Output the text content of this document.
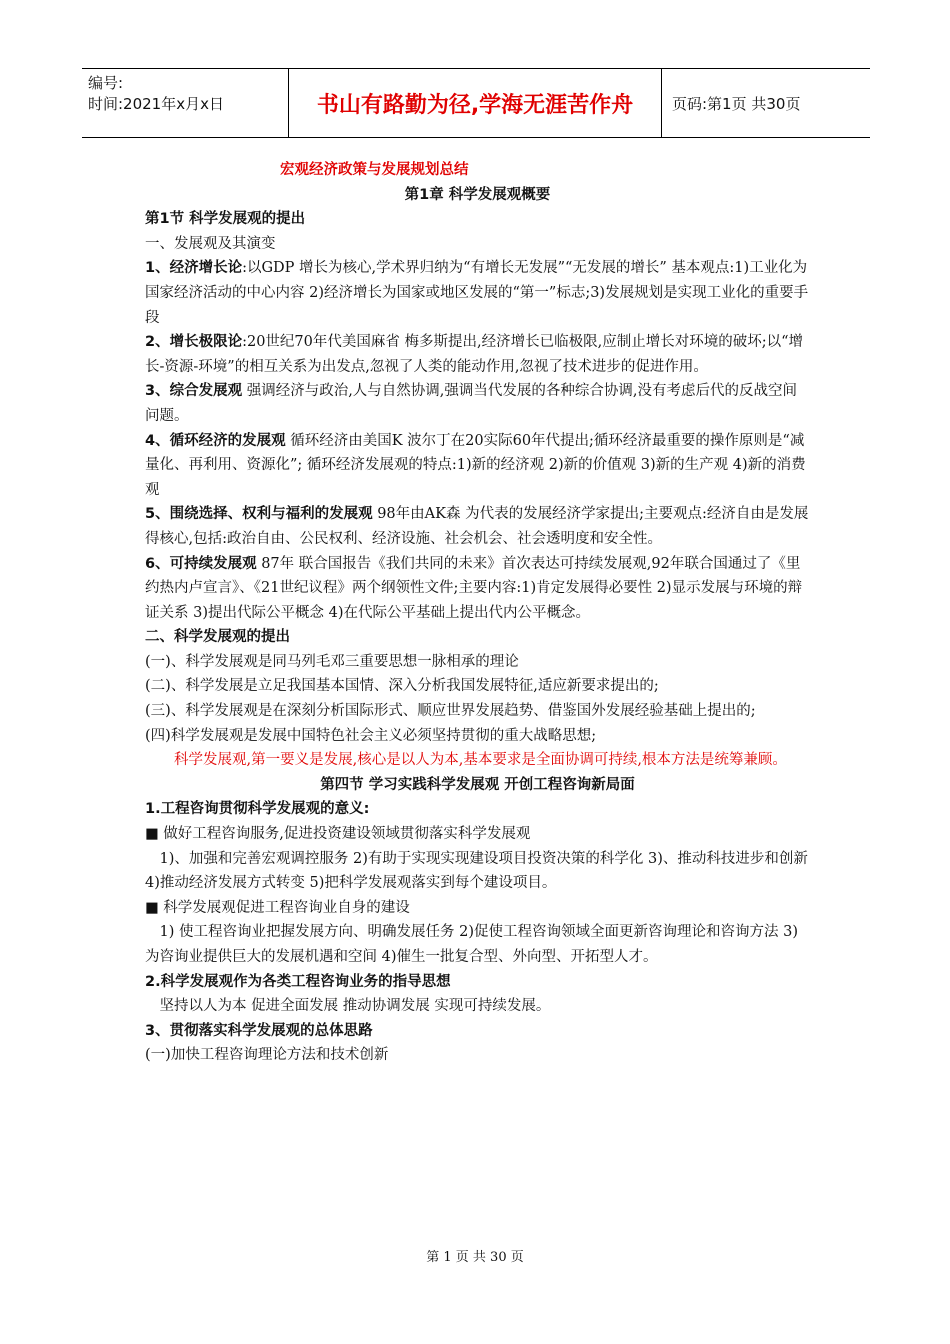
编号:
时间:2021年x月x日	书山有路勤为径,学海无涯苦作舟	页码:第1页 共30页

宏观经济政策与发展规划总结

第1章 科学发展观概要

第1节 科学发展观的提出

一、发展观及其演变

1、经济增长论:以GDP 增长为核心,学术界归纳为“有增长无发展”“无发展的增长” 基本观点:1)工业化为国家经济活动的中心内容 2)经济增长为国家或地区发展的“第一”标志;3)发展规划是实现工业化的重要手段

2、增长极限论:20世纪70年代美国麻省 梅多斯提出,经济增长已临极限,应制止增长对环境的破坏;以“增长-资源-环境”的相互关系为出发点,忽视了人类的能动作用,忽视了技术进步的促进作用。

3、综合发展观 强调经济与政治,人与自然协调,强调当代发展的各种综合协调,没有考虑后代的反战空间问题。

4、循环经济的发展观 循环经济由美国K 波尔丁在20实际60年代提出;循环经济最重要的操作原则是“减量化、再利用、资源化”; 循环经济发展观的特点:1)新的经济观 2)新的价值观 3)新的生产观 4)新的消费观

5、围绕选择、权利与福利的发展观 98年由AK森 为代表的发展经济学家提出;主要观点:经济自由是发展得核心,包括:政治自由、公民权利、经济设施、社会机会、社会透明度和安全性。

6、可持续发展观 87年 联合国报告《我们共同的未来》首次表达可持续发展观,92年联合国通过了《里约热内卢宣言》、《21世纪议程》两个纲领性文件;主要内容:1)肯定发展得必要性 2)显示发展与环境的辩证关系 3)提出代际公平概念 4)在代际公平基础上提出代内公平概念。

二、科学发展观的提出

(一)、科学发展观是同马列毛邓三重要思想一脉相承的理论

(二)、科学发展是立足我国基本国情、深入分析我国发展特征,适应新要求提出的;

(三)、科学发展观是在深刻分析国际形式、顺应世界发展趋势、借鉴国外发展经验基础上提出的;

(四)科学发展观是发展中国特色社会主义必须坚持贯彻的重大战略思想;

科学发展观,第一要义是发展,核心是以人为本,基本要求是全面协调可持续,根本方法是统筹兼顾。

第四节 学习实践科学发展观 开创工程咨询新局面

1.工程咨询贯彻科学发展观的意义:

■ 做好工程咨询服务,促进投资建设领域贯彻落实科学发展观

1)、加强和完善宏观调控服务 2)有助于实现实现建设项目投资决策的科学化 3)、推动科技进步和创新 4)推动经济发展方式转变 5)把科学发展观落实到每个建设项目。

■ 科学发展观促进工程咨询业自身的建设

1) 使工程咨询业把握发展方向、明确发展任务 2)促使工程咨询领域全面更新咨询理论和咨询方法 3)为咨询业提供巨大的发展机遇和空间 4)催生一批复合型、外向型、开拓型人才。

2.科学发展观作为各类工程咨询业务的指导思想

坚持以人为本 促进全面发展 推动协调发展 实现可持续发展。

3、贯彻落实科学发展观的总体思路

(一)加快工程咨询理论方法和技术创新

第 1 页 共 30 页
